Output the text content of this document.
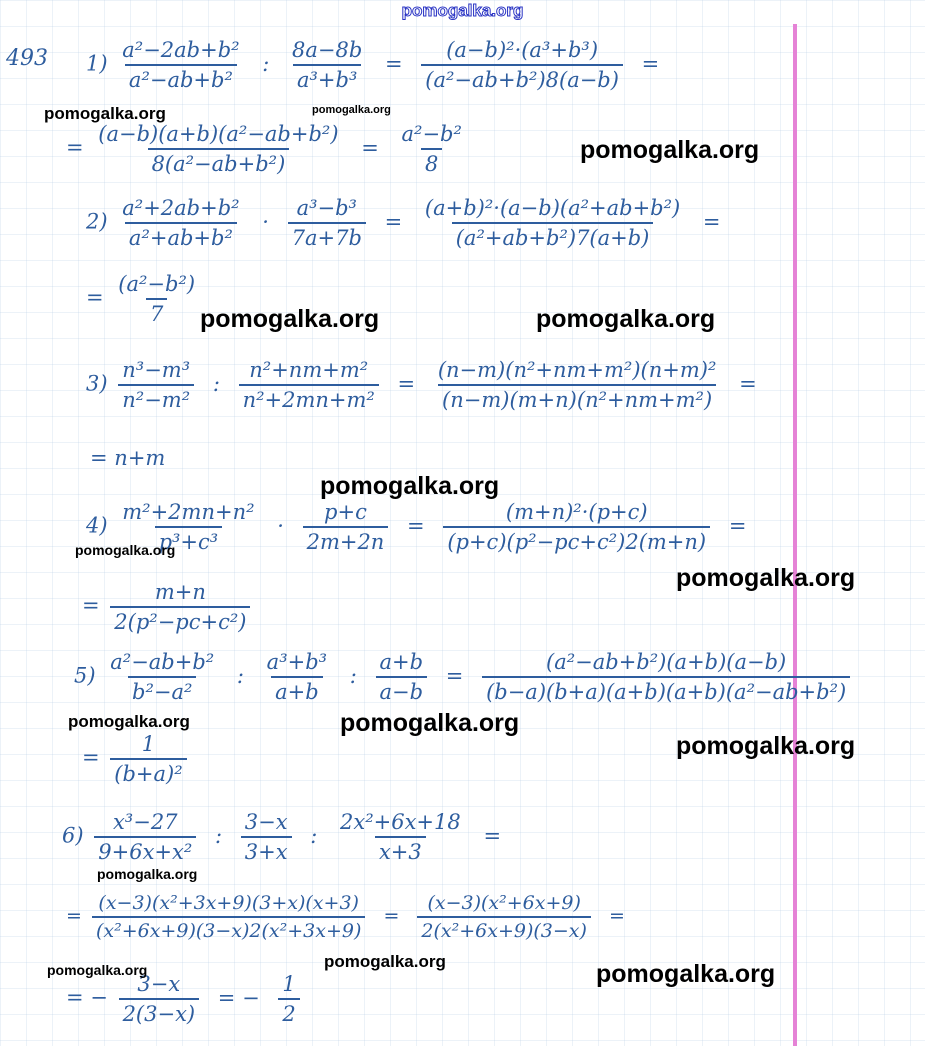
pomogalka.org
493 $1) \frac{\text{a²−2ab+b²}}{\text{a²−ab+b²}}$ : $\frac{8a-8b}{\text{a³+b³}} = \frac{\text{(a−b)²·(a³+b³)}}{\text{(a²−ab+b²)8(a−b)}}$ =
= $\frac{\text{(a−b)(a+b)(a²−ab+b²)}}{\text{8(a²−ab+b²)}} = \frac{\text{a²−b²}}{8}$
$2) \frac{\text{a²+2ab+b²}}{\text{a²+ab+b²}} \cdot \frac{\text{a³−b³}}{7a+7b} = \frac{\text{(a+b)²·(a−b)(a²+ab+b²)}}{\text{(a²+ab+b²)7(a+b)}}$ =
= $\frac{\text{(a²−b²)}}{7}$
$3) \frac{\text{n³−m³}}{\text{n²−m²}}$ : $\frac{\text{n²+nm+m²}}{\text{n²+2mn+m²}} = \frac{\text{(n−m)(n²+nm+m²)(n+m)²}}{\text{(n−m)(m+n)(n²+nm+m²)}}$ =
= n+m
$4) \frac{\text{m²+2mn+n²}}{\text{p³+c³}} \cdot \frac{p+c}{2m+2n} = \frac{\text{(m+n)²·(p+c)}}{\text{(p+c)(p²−pc+c²)2(m+n)}}$ =
= $\frac{m+n}{\text{2(p²−pc+c²)}}$
$5) \frac{\text{a²−ab+b²}}{\text{b²−a²}}$ : $\frac{\text{a³+b³}}{a+b}$ : $\frac{a+b}{a-b} = \frac{\text{(a²−ab+b²)(a+b)(a−b)}}{\text{(b−a)(b+a)(a+b)(a+b)(a²−ab+b²)}}$
= $\frac{1}{\text{(b+a)²}}$
$6) \frac{\text{x³−27}}{\text{9+6x+x²}}$ : $\frac{3-x}{3+x}$ : $\frac{\text{2x²+6x+18}}{x+3}$ =
= $\frac{\text{(x−3)(x²+3x+9)(3+x)(x+3)}}{\text{(x²+6x+9)(3−x)2(x²+3x+9)}} = \frac{\text{(x−3)(x²+6x+9)}}{\text{2(x²+6x+9)(3−x)}}$ =
= − $\frac{3-x}{2(3-x)}$ = − $\frac{1}{2}$
pomogalka.org	pomogalka.org
pomogalka.org
pomogalka.org	pomogalka.org
pomogalka.org
pomogalka.org
pomogalka.org
pomogalka.org	pomogalka.org
pomogalka.org
pomogalka.org
pomogalka.org
pomogalka.org	pomogalka.org
